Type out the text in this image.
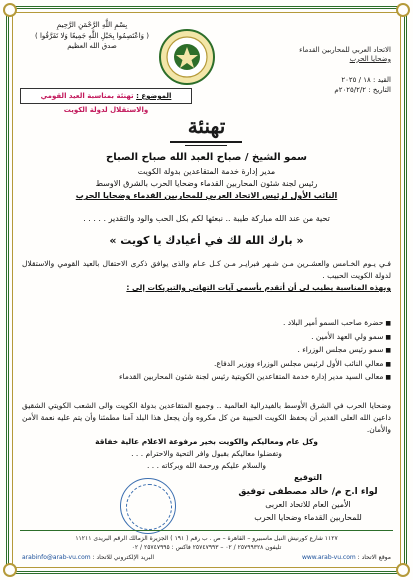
الاتحاد العربي للمحاربين القدماء
وضحايا الحرب
القيد : ١٨ / ٢٠٢٥
التاريخ : ٢٠٢٥/٢/٢م
بِسْمِ اللَّهِ الرَّحْمَنِ الرَّحِيمِ
( وَاعْتَصِمُوا بِحَبْلِ اللَّهِ جَمِيعًا وَلا تَفَرَّقُوا )
صدق الله العظيم
الموضوع : تهنئة بمناسبة العيد القومي والاستقلال لدولة الكويت
تهنئة
سمو الشيخ / صباح العبد الله صباح الصباح
مدير إدارة خدمة المتقاعدين بدولة الكويت
رئيس لجنة شئون المحاربين القدماء وضحايا الحرب بالشرق الاوسط
النائب الأول لرئيس الاتحاد العربي للمحاربين القدماء وضحايا الحرب
تحية من عند الله مباركة طيبة .. نبعثها لكم بكل الحب والود والتقدير . . . . .
« بارك الله لك في أعيادك يا كويت »

فـي يـوم الخـامس والعشـرين مـن شـهر فبرايـر مـن كـل عـام والذى يوافق ذكرى الاحتفال بالعيد القومي والاستقلال لدولة الكويت الحبيب .

وبهذه المناسبة يطيب لى أن أتقدم بأسمى آيات التهاني والتبريكات إلى :

■ حضرة صاحب السمو أمير البلاد .
■ سمو ولي العهد الأمين .
■ سمو رئيس مجلس الوزراء .
■ معالي النائب الأول لرئيس مجلس الوزراء ووزير الدفاع.
■ معالى السيد مدير إدارة خدمة المتقاعدين الكويتية رئيس لجنة شئون المحاربين القدماء

وضحايا الحرب في الشرق الأوسط بالفيدرالية العالمية .. وجميع المتقاعدين بدولة الكويت والى الشعب الكويتي الشقيق داعين الله العلى القدير أن يحفظ الكويت الحبيبة من كل مكروه وأن يجعل هذا البلد آمنا مطمئنا وأن يتم عليه نعمة الأمن والأمان.

وكل عام ومعاليكم والكويت بخير مرفوعة الاعلام عالية خفاقة

وتفضلوا معاليكم بقبول وافر التحية والاحترام . . .

والسلام عليكم ورحمة الله وبركاته . . .

التوقيع
لواء ا.ح م/ خالد مصطفى توفيق
الأمين العام للاتحاد العربى
للمحاربين القدماء وضحايا الحرب
١١٢٧ شارع كورنيش النيل ماسبيرو – القاهرة – ص . ب رقم ( ١٩١ ) الجزيرة الزمالك الرقم البريدى ١١٢١١
تليفون ٢٥٧٩٩٣٢٨ / ٠٢ – ٢٥٧٤٧٩٩٣ فاكس : ٢٥٧٤٧٩٩٥ / ٠٢
موقع الاتحاد : www.arab-vu.com
البريد الإلكتروني للاتحاد : arabinfo@arab-vu.com
